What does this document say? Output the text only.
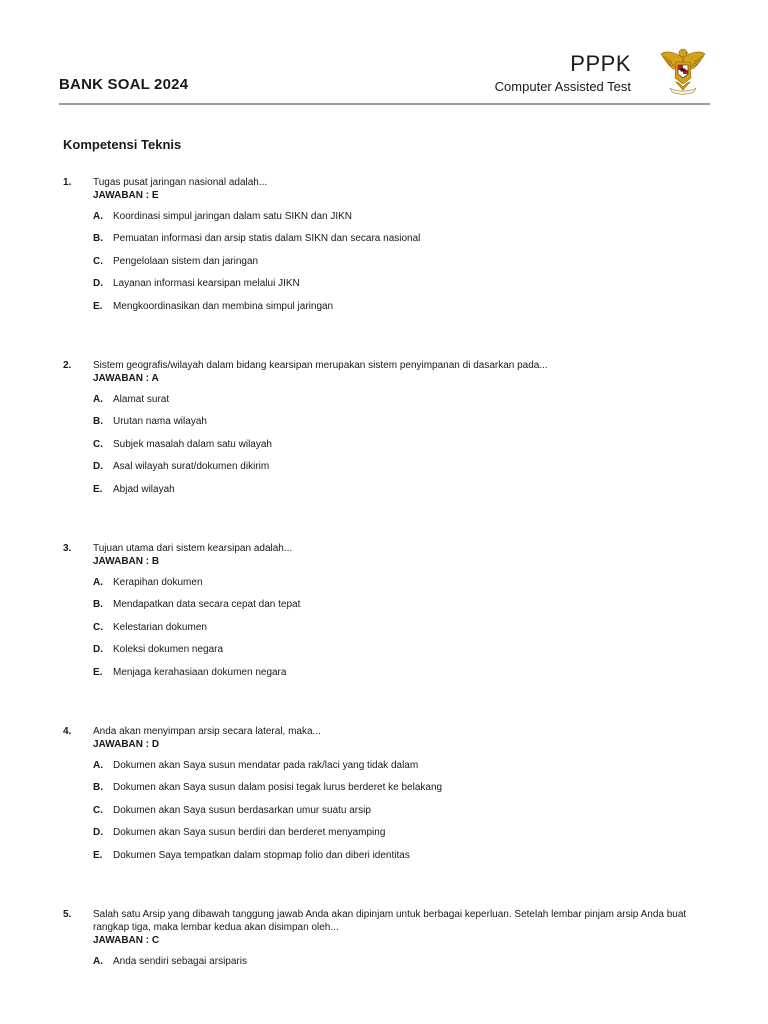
BANK SOAL 2024
PPPK
Computer Assisted Test
Kompetensi Teknis
1. Tugas pusat jaringan nasional adalah...
JAWABAN : E
A. Koordinasi simpul jaringan dalam satu SIKN dan JIKN
B. Pemuatan informasi dan arsip statis dalam SIKN dan secara nasional
C. Pengelolaan sistem dan jaringan
D. Layanan informasi kearsipan melalui JIKN
E. Mengkoordinasikan dan membina simpul jaringan
2. Sistem geografis/wilayah dalam bidang kearsipan merupakan sistem penyimpanan di dasarkan pada...
JAWABAN : A
A. Alamat surat
B. Urutan nama wilayah
C. Subjek masalah dalam satu wilayah
D. Asal wilayah surat/dokumen dikirim
E. Abjad wilayah
3. Tujuan utama dari sistem kearsipan adalah...
JAWABAN : B
A. Kerapihan dokumen
B. Mendapatkan data secara cepat dan tepat
C. Kelestarian dokumen
D. Koleksi dokumen negara
E. Menjaga kerahasiaan dokumen negara
4. Anda akan menyimpan arsip secara lateral, maka...
JAWABAN : D
A. Dokumen akan Saya susun mendatar pada rak/laci yang tidak dalam
B. Dokumen akan Saya susun dalam posisi tegak lurus berderet ke belakang
C. Dokumen akan Saya susun berdasarkan umur suatu arsip
D. Dokumen akan Saya susun berdiri dan berderet menyamping
E. Dokumen Saya tempatkan dalam stopmap folio dan diberi identitas
5. Salah satu Arsip yang dibawah tanggung jawab Anda akan dipinjam untuk berbagai keperluan. Setelah lembar pinjam arsip Anda buat rangkap tiga, maka lembar kedua akan disimpan oleh...
JAWABAN : C
A. Anda sendiri sebagai arsiparis
